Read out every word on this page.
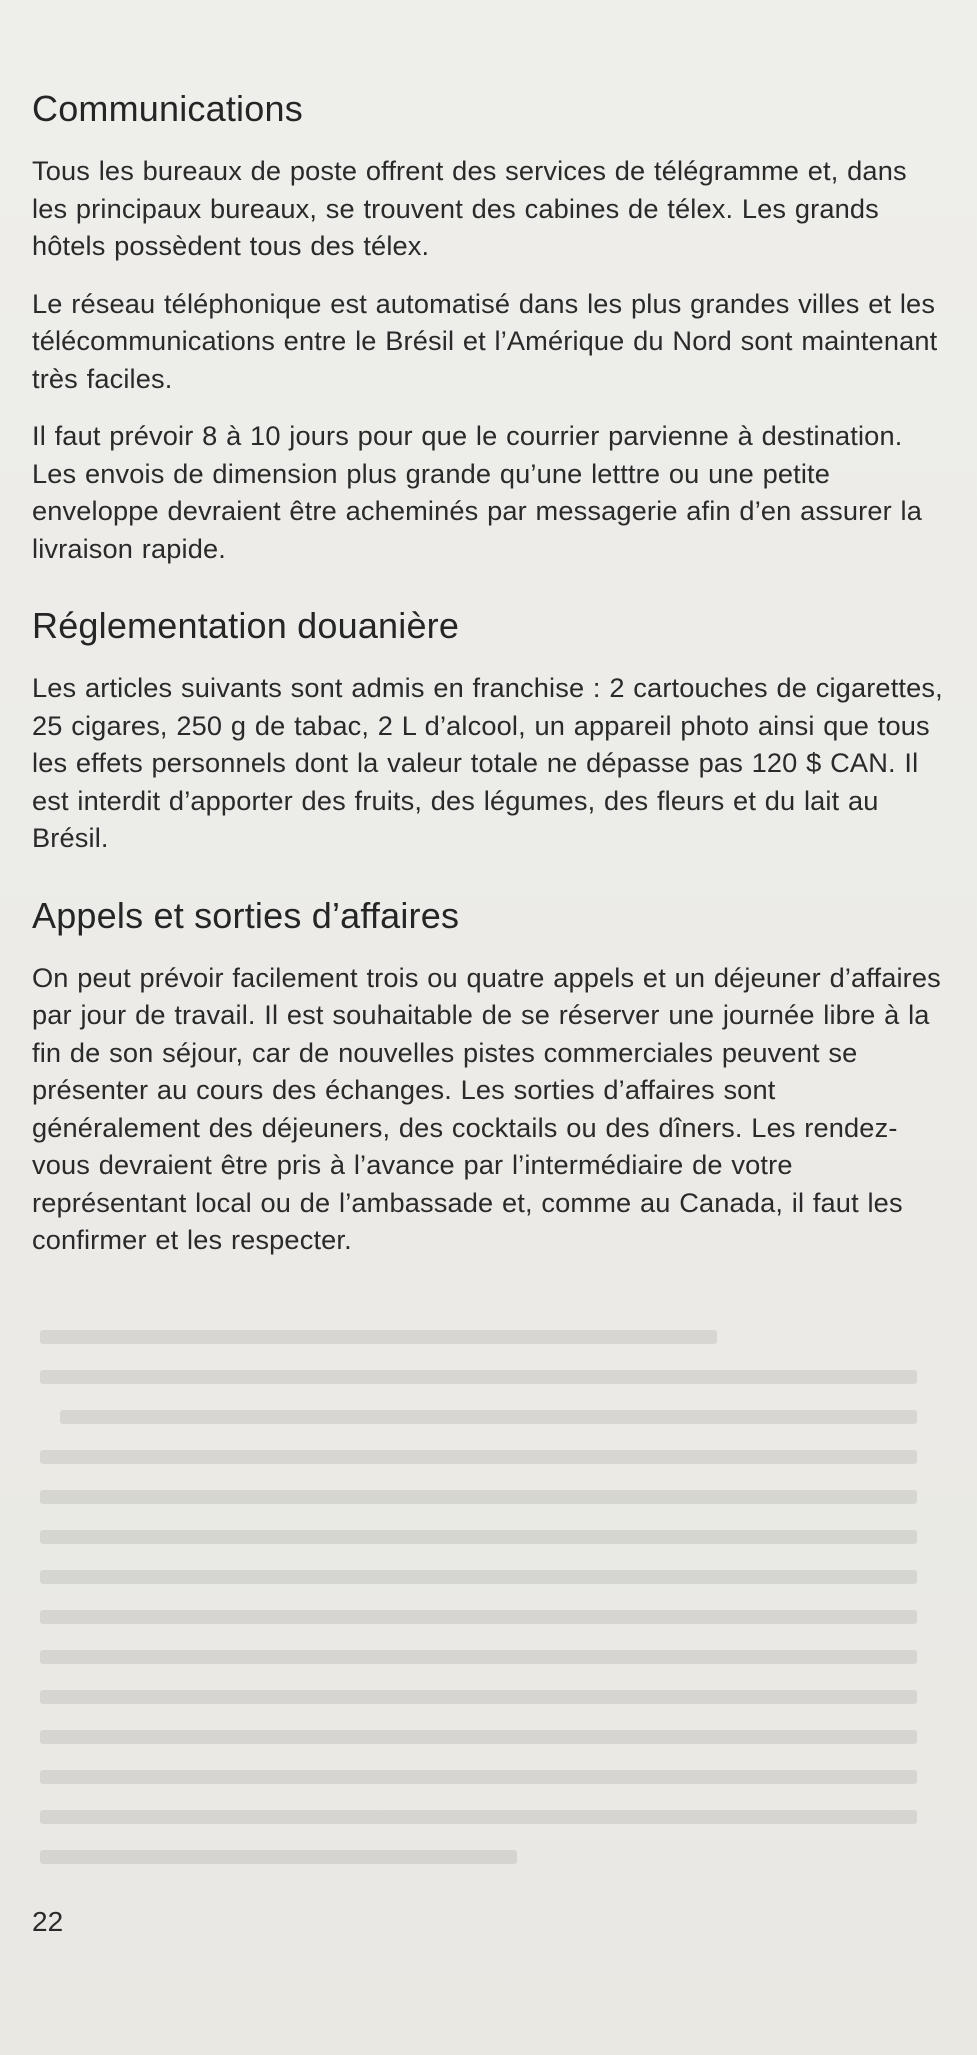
Communications

Tous les bureaux de poste offrent des services de télégramme et, dans les principaux bureaux, se trouvent des cabines de télex. Les grands hôtels possèdent tous des télex.

Le réseau téléphonique est automatisé dans les plus grandes villes et les télécommunications entre le Brésil et l’Amérique du Nord sont maintenant très faciles.

Il faut prévoir 8 à 10 jours pour que le courrier parvienne à destination. Les envois de dimension plus grande qu’une letttre ou une petite enveloppe devraient être acheminés par messagerie afin d’en assurer la livraison rapide.

Réglementation douanière

Les articles suivants sont admis en franchise : 2 cartouches de cigarettes, 25 cigares, 250 g de tabac, 2 L d’alcool, un appareil photo ainsi que tous les effets personnels dont la valeur totale ne dépasse pas 120 $ CAN. Il est interdit d’apporter des fruits, des légumes, des fleurs et du lait au Brésil.

Appels et sorties d’affaires

On peut prévoir facilement trois ou quatre appels et un déjeuner d’affaires par jour de travail. Il est souhaitable de se réserver une journée libre à la fin de son séjour, car de nouvelles pistes commerciales peuvent se présenter au cours des échanges. Les sorties d’affaires sont généralement des déjeuners, des cocktails ou des dîners. Les rendez-vous devraient être pris à l’avance par l’intermédiaire de votre représentant local ou de l’ambassade et, comme au Canada, il faut les confirmer et les respecter.

22
